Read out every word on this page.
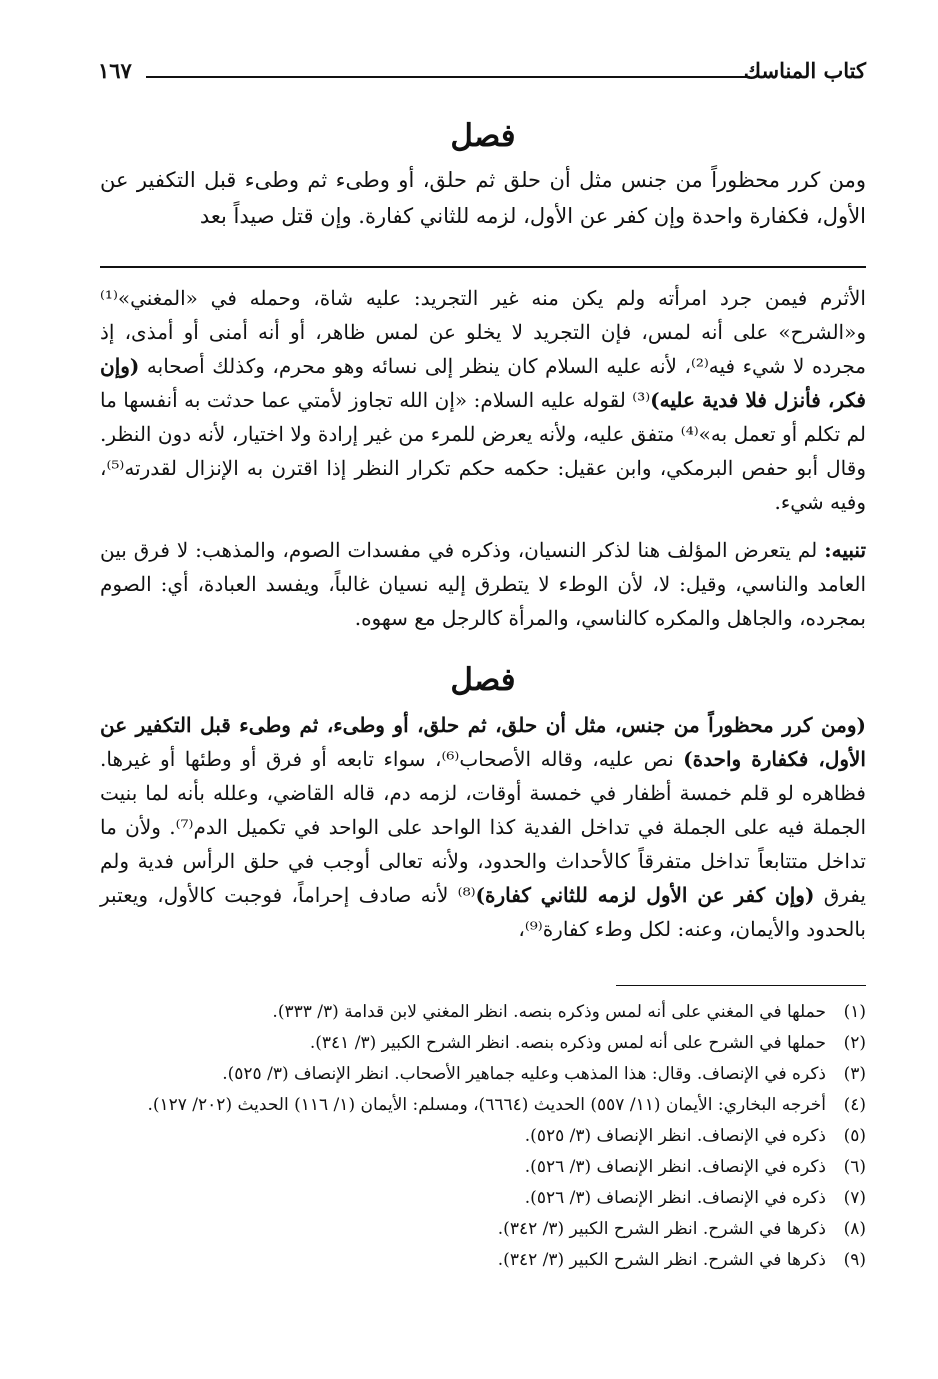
كتاب المناسك
١٦٧
فصل
ومن كرر محظوراً من جنس مثل أن حلق ثم حلق، أو وطىء ثم وطىء قبل التكفير عن الأول، فكفارة واحدة وإن كفر عن الأول، لزمه للثاني كفارة. وإن قتل صيداً بعد
الأثرم فيمن جرد امرأته ولم يكن منه غير التجريد: عليه شاة، وحمله في «المغني»⁽¹⁾ و«الشرح» على أنه لمس، فإن التجريد لا يخلو عن لمس ظاهر، أو أنه أمنى أو أمذى، إذ مجرده لا شيء فيه⁽²⁾، لأنه عليه السلام كان ينظر إلى نسائه وهو محرم، وكذلك أصحابه (وإن فكر، فأنزل فلا فدية عليه)⁽³⁾ لقوله عليه السلام: «إن الله تجاوز لأمتي عما حدثت به أنفسها ما لم تكلم أو تعمل به»⁽⁴⁾ متفق عليه، ولأنه يعرض للمرء من غير إرادة ولا اختيار، لأنه دون النظر. وقال أبو حفص البرمكي، وابن عقيل: حكمه حكم تكرار النظر إذا اقترن به الإنزال لقدرته⁽⁵⁾، وفيه شيء.
تنبيه: لم يتعرض المؤلف هنا لذكر النسيان، وذكره في مفسدات الصوم، والمذهب: لا فرق بين العامد والناسي، وقيل: لا، لأن الوطء لا يتطرق إليه نسيان غالباً، ويفسد العبادة، أي: الصوم بمجرده، والجاهل والمكره كالناسي، والمرأة كالرجل مع سهوه.
فصل
(ومن كرر محظوراً من جنس، مثل أن حلق، ثم حلق، أو وطىء، ثم وطىء قبل التكفير عن الأول، فكفارة واحدة) نص عليه، وقاله الأصحاب⁽⁶⁾، سواء تابعه أو فرق أو وطئها أو غيرها. فظاهره لو قلم خمسة أظفار في خمسة أوقات، لزمه دم، قاله القاضي، وعلله بأنه لما بنيت الجملة فيه على الجملة في تداخل الفدية كذا الواحد على الواحد في تكميل الدم⁽⁷⁾. ولأن ما تداخل متتابعاً تداخل متفرقاً كالأحداث والحدود، ولأنه تعالى أوجب في حلق الرأس فدية ولم يفرق (وإن كفر عن الأول لزمه للثاني كفارة)⁽⁸⁾ لأنه صادف إحراماً، فوجبت كالأول، ويعتبر بالحدود والأيمان، وعنه: لكل وطء كفارة⁽⁹⁾،
(١)
حملها في المغني على أنه لمس وذكره بنصه. انظر المغني لابن قدامة (٣/ ٣٣٣).
(٢)
حملها في الشرح على أنه لمس وذكره بنصه. انظر الشرح الكبير (٣/ ٣٤١).
(٣)
ذكره في الإنصاف. وقال: هذا المذهب وعليه جماهير الأصحاب. انظر الإنصاف (٣/ ٥٢٥).
(٤)
أخرجه البخاري: الأيمان (١١/ ٥٥٧) الحديث (٦٦٦٤)، ومسلم: الأيمان (١/ ١١٦) الحديث (٢٠٢/ ١٢٧).
(٥)
ذكره في الإنصاف. انظر الإنصاف (٣/ ٥٢٥).
(٦)
ذكره في الإنصاف. انظر الإنصاف (٣/ ٥٢٦).
(٧)
ذكره في الإنصاف. انظر الإنصاف (٣/ ٥٢٦).
(٨)
ذكرها في الشرح. انظر الشرح الكبير (٣/ ٣٤٢).
(٩)
ذكرها في الشرح. انظر الشرح الكبير (٣/ ٣٤٢).
